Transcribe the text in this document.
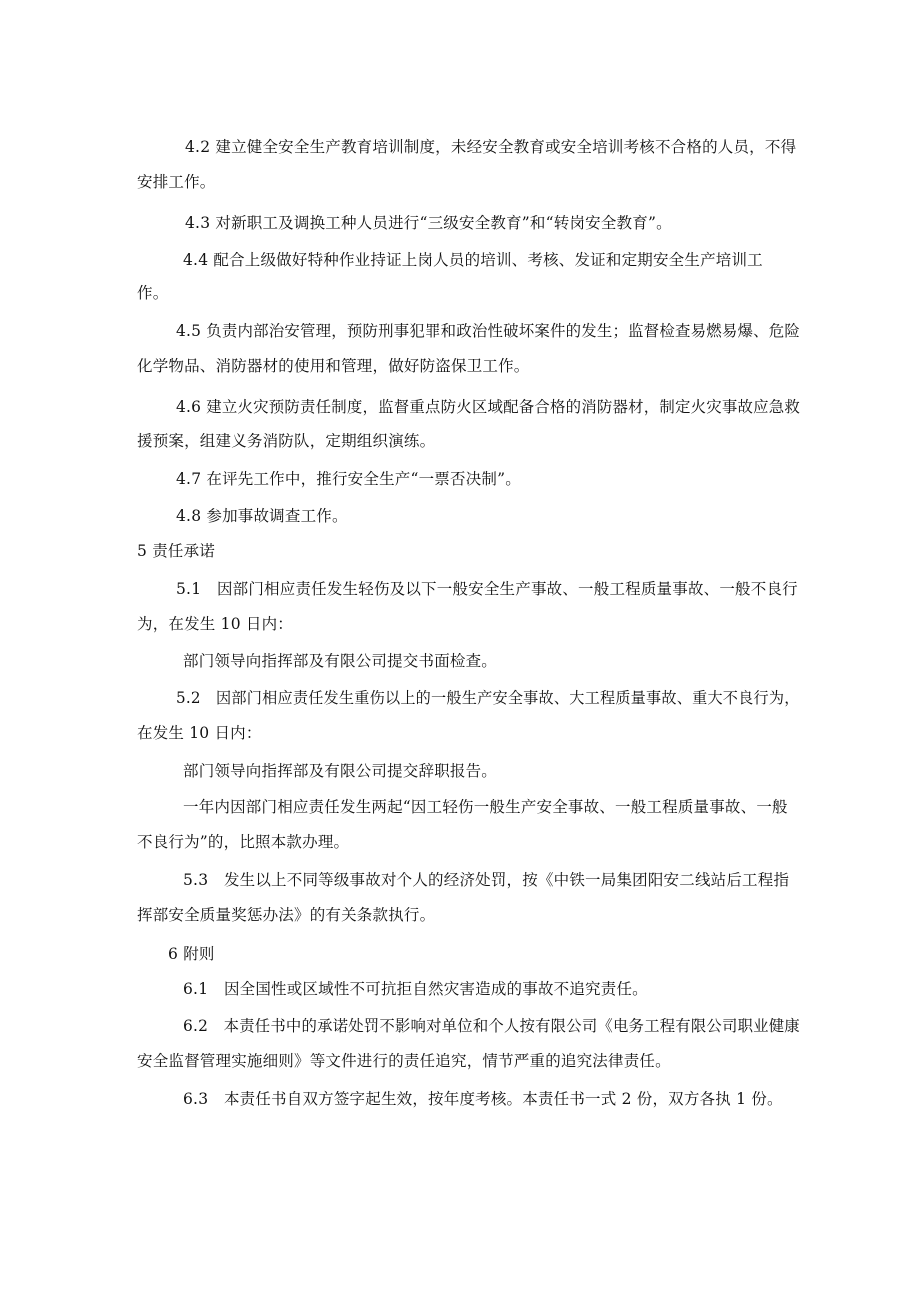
4.2 建立健全安全生产教育培训制度，未经安全教育或安全培训考核不合格的人员，不得
安排工作。
4.3 对新职工及调换工种人员进行“三级安全教育”和“转岗安全教育”。
4.4 配合上级做好特种作业持证上岗人员的培训、考核、发证和定期安全生产培训工
作。
4.5 负责内部治安管理，预防刑事犯罪和政治性破坏案件的发生；监督检查易燃易爆、危险
化学物品、消防器材的使用和管理，做好防盗保卫工作。
4.6 建立火灾预防责任制度，监督重点防火区域配备合格的消防器材，制定火灾事故应急救
援预案，组建义务消防队，定期组织演练。
4.7 在评先工作中，推行安全生产“一票否决制”。
4.8 参加事故调查工作。
5 责任承诺
5.1　因部门相应责任发生轻伤及以下一般安全生产事故、一般工程质量事故、一般不良行
为，在发生 10 日内：
部门领导向指挥部及有限公司提交书面检查。
5.2　因部门相应责任发生重伤以上的一般生产安全事故、大工程质量事故、重大不良行为，
在发生 10 日内：
部门领导向指挥部及有限公司提交辞职报告。
一年内因部门相应责任发生两起“因工轻伤一般生产安全事故、一般工程质量事故、一般
不良行为”的，比照本款办理。
5.3　发生以上不同等级事故对个人的经济处罚，按《中铁一局集团阳安二线站后工程指
挥部安全质量奖惩办法》的有关条款执行。
6 附则
6.1　因全国性或区域性不可抗拒自然灾害造成的事故不追究责任。
6.2　本责任书中的承诺处罚不影响对单位和个人按有限公司《电务工程有限公司职业健康
安全监督管理实施细则》等文件进行的责任追究，情节严重的追究法律责任。
6.3　本责任书自双方签字起生效，按年度考核。本责任书一式 2 份，双方各执 1 份。
